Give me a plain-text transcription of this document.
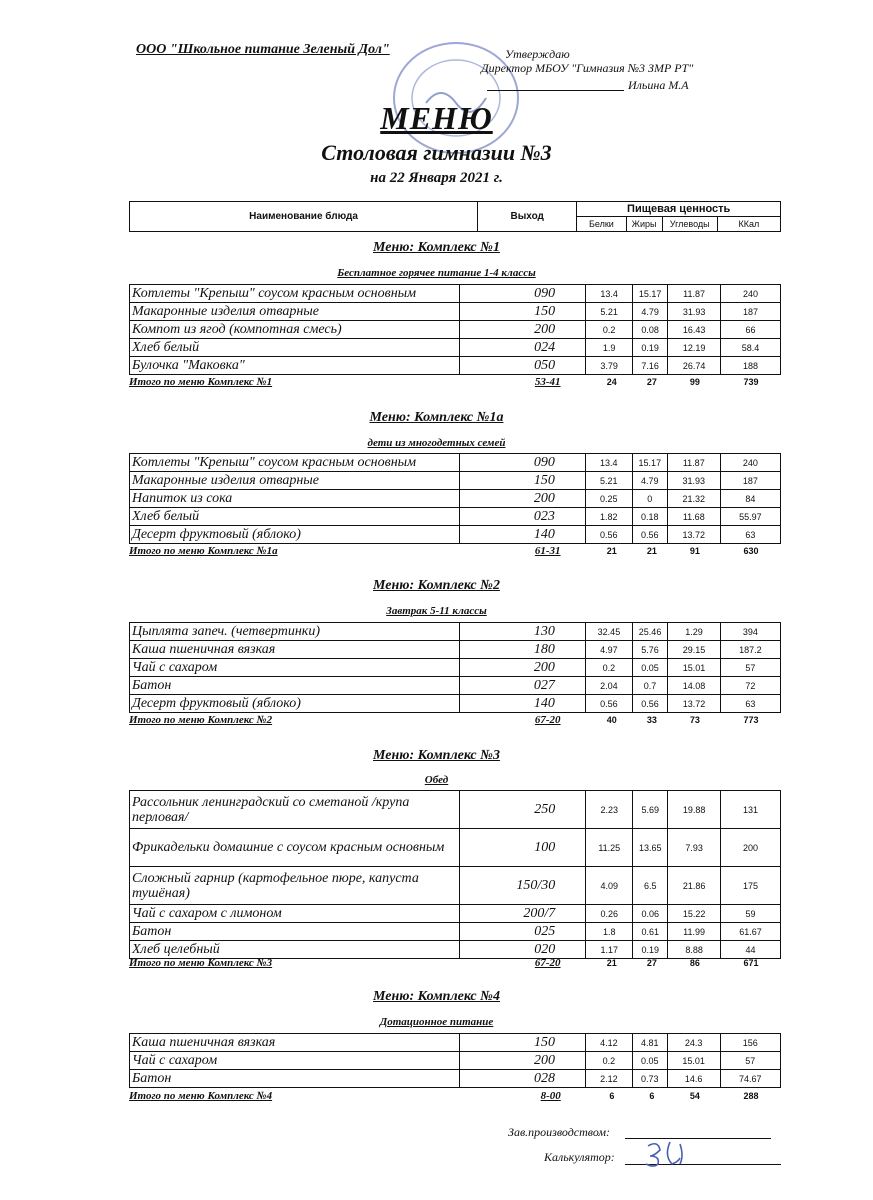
ООО "Школьное питание Зеленый Дол"	Утверждаю
Директор МБОУ "Гимназия №3 ЗМР РТ"
Ильина М.А
МЕНЮ
Столовая гимназии №3
на 22 Января 2021 г.
Наименование блюда	Выход	Пищевая ценность			
		Белки	Жиры	Углеводы	ККал
Меню: Комплекс №1
Бесплатное горячее питание 1-4 классы
Котлеты "Крепыш" соусом красным основным	090	13.4	15.17	11.87	240
Макаронные изделия отварные	150	5.21	4.79	31.93	187
Компот из ягод (компотная смесь)	200	0.2	0.08	16.43	66
Хлеб белый	024	1.9	0.19	12.19	58.4
Булочка "Маковка"	050	3.79	7.16	26.74	188
Итого по меню Комплекс №1	53-41	24	27	99	739
Меню: Комплекс №1а
дети из многодетных семей
Котлеты "Крепыш" соусом красным основным	090	13.4	15.17	11.87	240
Макаронные изделия отварные	150	5.21	4.79	31.93	187
Напиток из сока	200	0.25	0	21.32	84
Хлеб белый	023	1.82	0.18	11.68	55.97
Десерт фруктовый (яблоко)	140	0.56	0.56	13.72	63
Итого по меню Комплекс №1а	61-31	21	21	91	630
Меню: Комплекс №2
Завтрак 5-11 классы
Цыплята запеч. (четвертинки)	130	32.45	25.46	1.29	394
Каша пшеничная вязкая	180	4.97	5.76	29.15	187.2
Чай с сахаром	200	0.2	0.05	15.01	57
Батон	027	2.04	0.7	14.08	72
Десерт фруктовый (яблоко)	140	0.56	0.56	13.72	63
Итого по меню Комплекс №2	67-20	40	33	73	773
Меню: Комплекс №3
Обед
Рассольник ленинградский со сметаной /крупа перловая/	250	2.23	5.69	19.88	131
Фрикадельки домашние с соусом красным основным	100	11.25	13.65	7.93	200
Сложный гарнир (картофельное пюре, капуста тушёная)	150/30	4.09	6.5	21.86	175
Чай с сахаром с лимоном	200/7	0.26	0.06	15.22	59
Батон	025	1.8	0.61	11.99	61.67
Хлеб целебный	020	1.17	0.19	8.88	44
Итого по меню Комплекс №3	67-20	21	27	86	671
Меню: Комплекс №4
Дотационное питание
Каша пшеничная вязкая	150	4.12	4.81	24.3	156
Чай с сахаром	200	0.2	0.05	15.01	57
Батон	028	2.12	0.73	14.6	74.67
Итого по меню Комплекс №4	8-00	6	6	54	288
Зав.производством:
Калькулятор:
